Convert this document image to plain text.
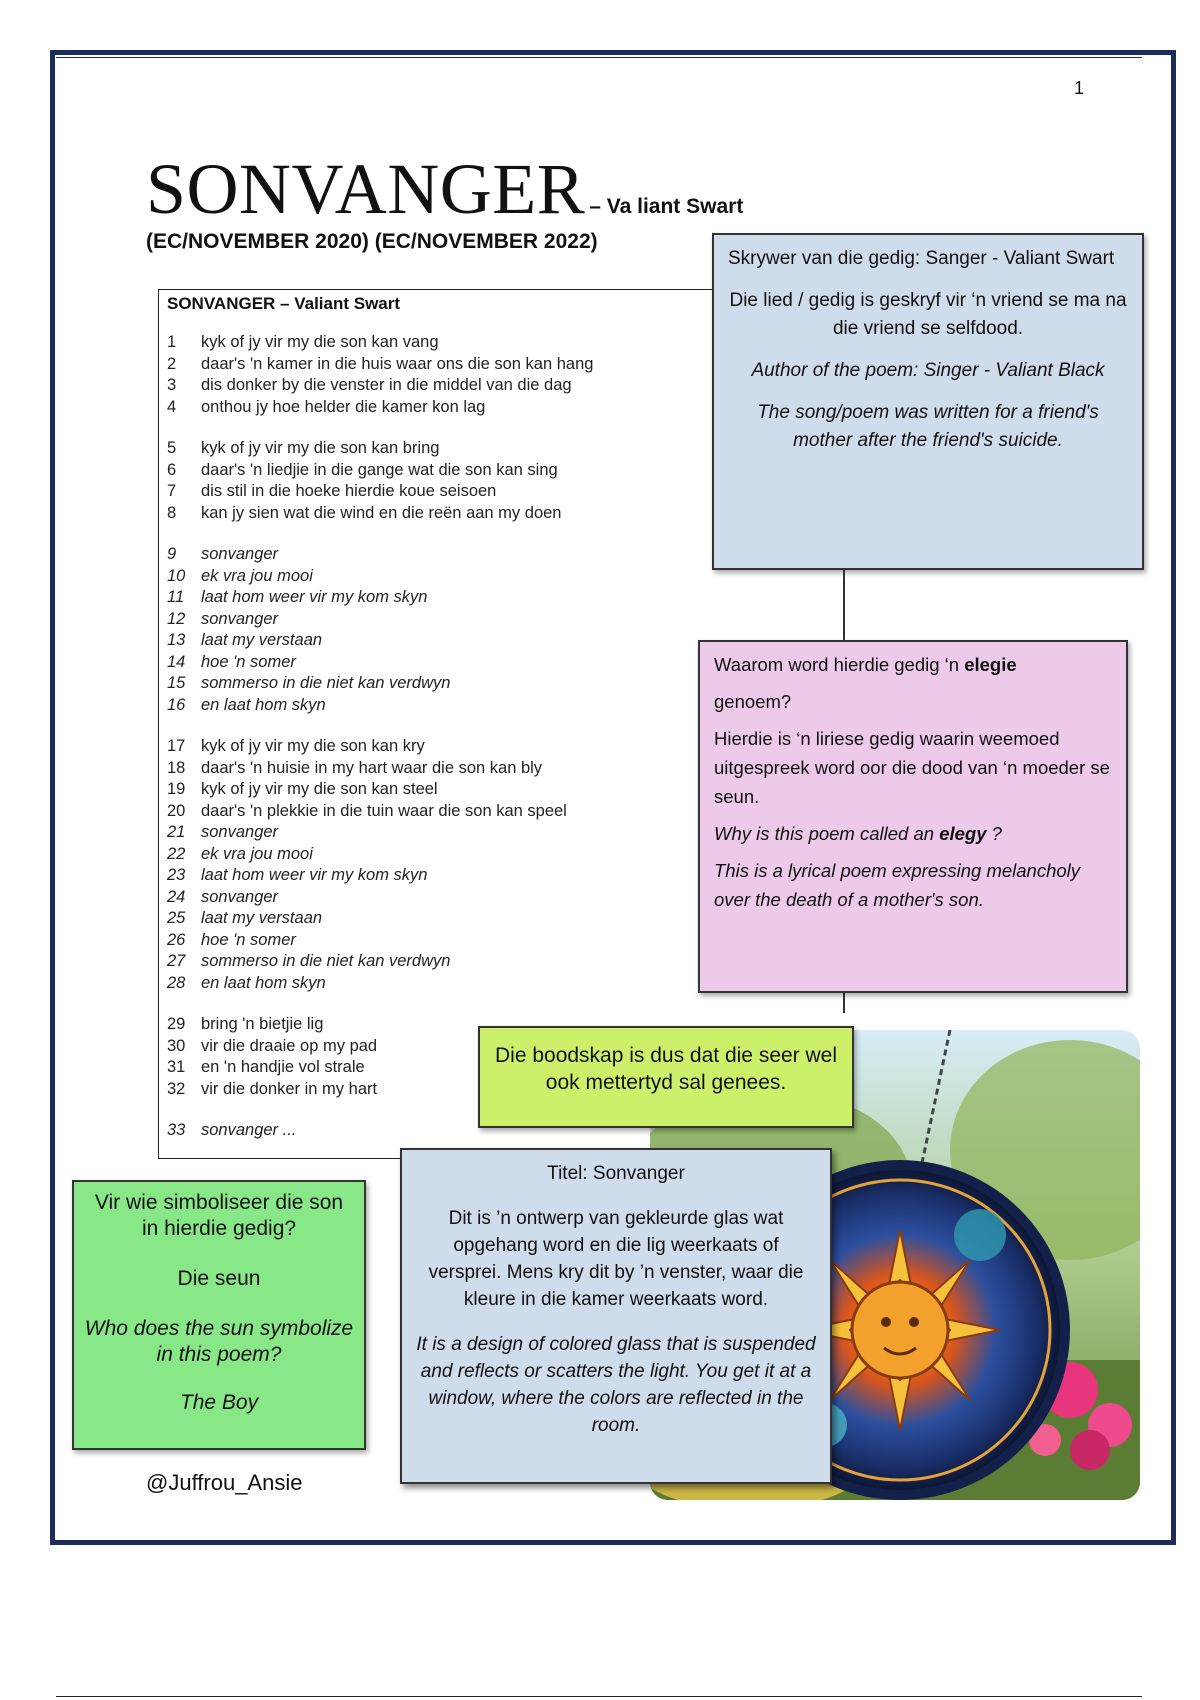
1
SONVANGER – Va liant Swart
(EC/NOVEMBER 2020) (EC/NOVEMBER 2022)
SONVANGER – Valiant Swart
1 kyk of jy vir my die son kan vang
2 daar's 'n kamer in die huis waar ons die son kan hang
3 dis donker by die venster in die middel van die dag
4 onthou jy hoe helder die kamer kon lag
5 kyk of jy vir my die son kan bring
6 daar's 'n liedjie in die gange wat die son kan sing
7 dis stil in die hoeke hierdie koue seisoen
8 kan jy sien wat die wind en die reën aan my doen
9 sonvanger
10 ek vra jou mooi
11 laat hom weer vir my kom skyn
12 sonvanger
13 laat my verstaan
14 hoe 'n somer
15 sommerso in die niet kan verdwyn
16 en laat hom skyn
17 kyk of jy vir my die son kan kry
18 daar's 'n huisie in my hart waar die son kan bly
19 kyk of jy vir my die son kan steel
20 daar's 'n plekkie in die tuin waar die son kan speel
21 sonvanger
22 ek vra jou mooi
23 laat hom weer vir my kom skyn
24 sonvanger
25 laat my verstaan
26 hoe 'n somer
27 sommerso in die niet kan verdwyn
28 en laat hom skyn
29 bring 'n bietjie lig
30 vir die draaie op my pad
31 en 'n handjie vol strale
32 vir die donker in my hart
33 sonvanger ...

Skrywer van die gedig: Sanger - Valiant Swart

Die lied / gedig is geskryf vir ‘n vriend se ma na die vriend se selfdood.

Author of the poem: Singer - Valiant Black

The song/poem was written for a friend's mother after the friend's suicide.

Waarom word hierdie gedig ‘n elegie

genoem?

Hierdie is ‘n liriese gedig waarin weemoed uitgespreek word oor die dood van ‘n moeder se seun.

Why is this poem called an elegy ?

This is a lyrical poem expressing melancholy over the death of a mother's son.

Die boodskap is dus dat die seer wel ook mettertyd sal genees.

Vir wie simboliseer die son in hierdie gedig?

Die seun

Who does the sun symbolize in this poem?

The Boy

Titel: Sonvanger

Dit is ’n ontwerp van gekleurde glas wat opgehang word en die lig weerkaats of versprei. Mens kry dit by ’n venster, waar die kleure in die kamer weerkaats word.

It is a design of colored glass that is suspended and reflects or scatters the light. You get it at a window, where the colors are reflected in the room.

@Juffrou_Ansie
